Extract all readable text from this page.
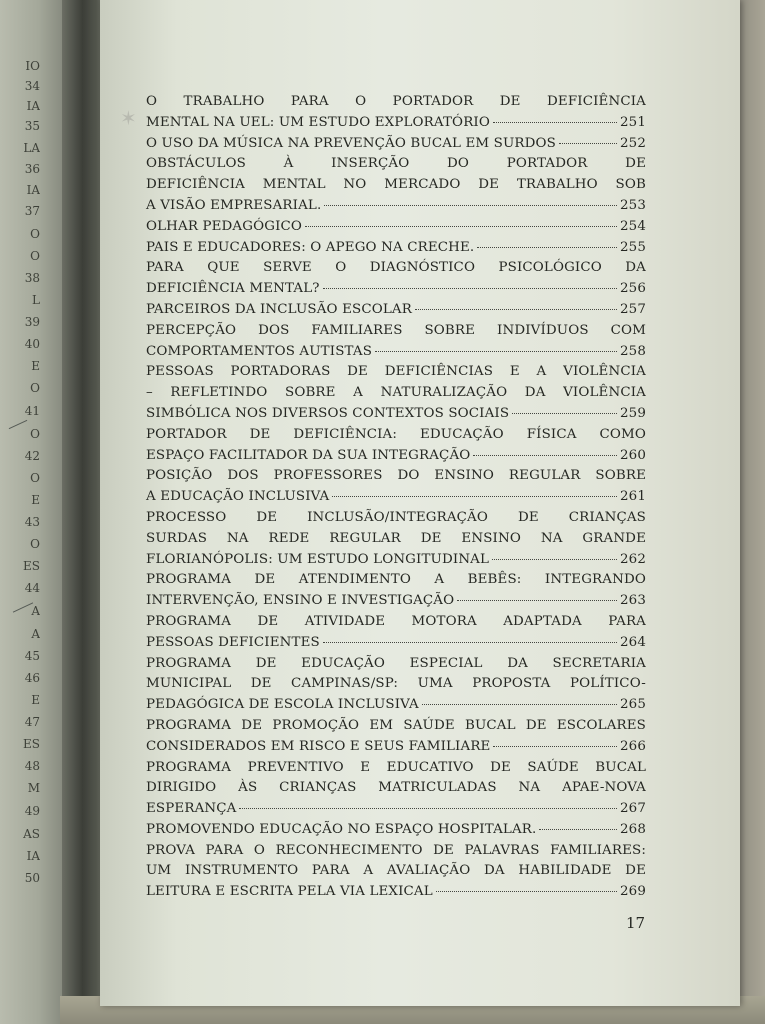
IO
34
IA
35
LA
36
IA
37
O
O
38
L
39
40
E
O
41
O
42
O
E
43
O
ES
44
A
A
45
46
E
47
ES
48
M
49
AS
IA
50
✶
O TRABALHO PARA O PORTADOR DE DEFICIÊNCIA
MENTAL NA UEL: UM ESTUDO EXPLORATÓRIO	251
O USO DA MÚSICA NA PREVENÇÃO BUCAL EM SURDOS	252
OBSTÁCULOS À INSERÇÃO DO PORTADOR DE
DEFICIÊNCIA MENTAL NO MERCADO DE TRABALHO SOB
A VISÃO EMPRESARIAL.	253
OLHAR PEDAGÓGICO	254
PAIS E EDUCADORES: O APEGO NA CRECHE.	255
PARA QUE SERVE O DIAGNÓSTICO PSICOLÓGICO DA
DEFICIÊNCIA MENTAL?	256
PARCEIROS DA INCLUSÃO ESCOLAR	257
PERCEPÇÃO DOS FAMILIARES SOBRE INDIVÍDUOS COM
COMPORTAMENTOS AUTISTAS	258
PESSOAS PORTADORAS DE DEFICIÊNCIAS E A VIOLÊNCIA
– REFLETINDO SOBRE A NATURALIZAÇÃO DA VIOLÊNCIA
SIMBÓLICA NOS DIVERSOS CONTEXTOS SOCIAIS	259
PORTADOR DE DEFICIÊNCIA: EDUCAÇÃO FÍSICA COMO
ESPAÇO FACILITADOR DA SUA INTEGRAÇÃO	260
POSIÇÃO DOS PROFESSORES DO ENSINO REGULAR SOBRE
A EDUCAÇÃO INCLUSIVA	261
PROCESSO DE INCLUSÃO/INTEGRAÇÃO DE CRIANÇAS
SURDAS NA REDE REGULAR DE ENSINO NA GRANDE
FLORIANÓPOLIS: UM ESTUDO LONGITUDINAL	262
PROGRAMA DE ATENDIMENTO A BEBÊS: INTEGRANDO
INTERVENÇÃO, ENSINO E INVESTIGAÇÃO	263
PROGRAMA DE ATIVIDADE MOTORA ADAPTADA PARA
PESSOAS DEFICIENTES	264
PROGRAMA DE EDUCAÇÃO ESPECIAL DA SECRETARIA
MUNICIPAL DE CAMPINAS/SP: UMA PROPOSTA POLÍTICO-
PEDAGÓGICA DE ESCOLA INCLUSIVA	265
PROGRAMA DE PROMOÇÃO EM SAÚDE BUCAL DE ESCOLARES
CONSIDERADOS EM RISCO E SEUS FAMILIARE	266
PROGRAMA PREVENTIVO E EDUCATIVO DE SAÚDE BUCAL
DIRIGIDO ÀS CRIANÇAS MATRICULADAS NA APAE-NOVA
ESPERANÇA	267
PROMOVENDO EDUCAÇÃO NO ESPAÇO HOSPITALAR.	268
PROVA PARA O RECONHECIMENTO DE PALAVRAS FAMILIARES:
UM INSTRUMENTO PARA A AVALIAÇÃO DA HABILIDADE DE
LEITURA E ESCRITA PELA VIA LEXICAL	269
17
